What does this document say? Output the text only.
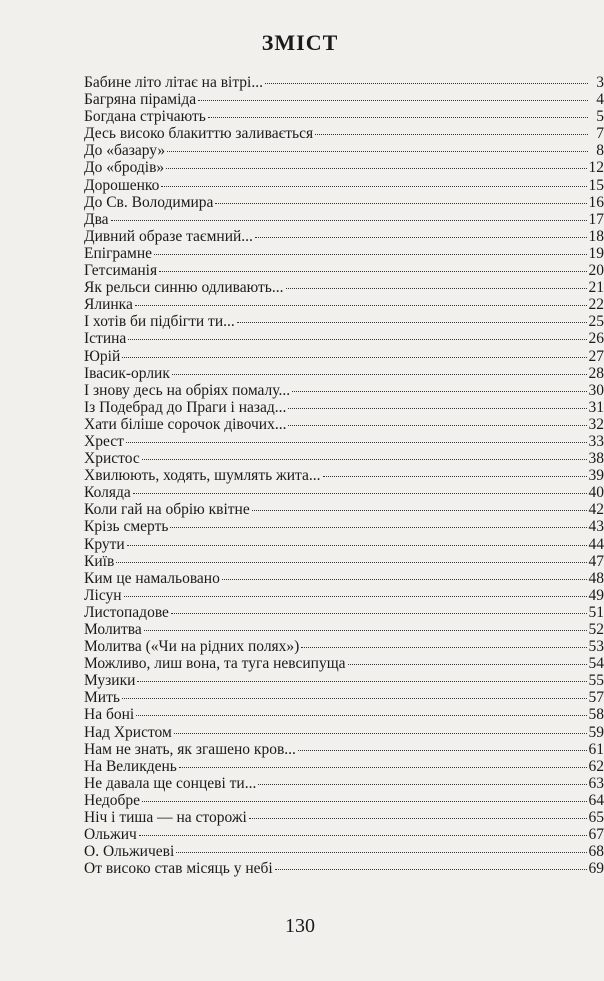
ЗМІСТ
Бабине літо літає на вітрі...	3
Багряна піраміда	4
Богдана стрічають	5
Десь високо блакиттю заливається	7
До «базару»	8
До «бродів»	12
Дорошенко	15
До Св. Володимира	16
Два	17
Дивний образе таємний...	18
Епіграмне	19
Гетсиманія	20
Як рельси синню одливають...	21
Ялинка	22
І хотів би підбігти ти...	25
Істина	26
Юрій	27
Івасик-орлик	28
І знову десь на обріях помалу...	30
Із Подебрад до Праги і назад...	31
Хати біліше сорочок дівочих...	32
Хрест	33
Христос	38
Хвилюють, ходять, шумлять жита...	39
Коляда	40
Коли гай на обрію квітне	42
Крізь смерть	43
Крути	44
Київ	47
Ким це намальовано	48
Лісун	49
Листопадове	51
Молитва	52
Молитва («Чи на рідних полях»)	53
Можливо, лиш вона, та туга невсипуща	54
Музики	55
Мить	57
На боні	58
Над Христом	59
Нам не знать, як згашено кров...	61
На Великдень	62
Не давала ще сонцеві ти...	63
Недобре	64
Ніч і тиша — на сторожі	65
Ольжич	67
О. Ольжичеві	68
От високо став місяць у небі	69
130
